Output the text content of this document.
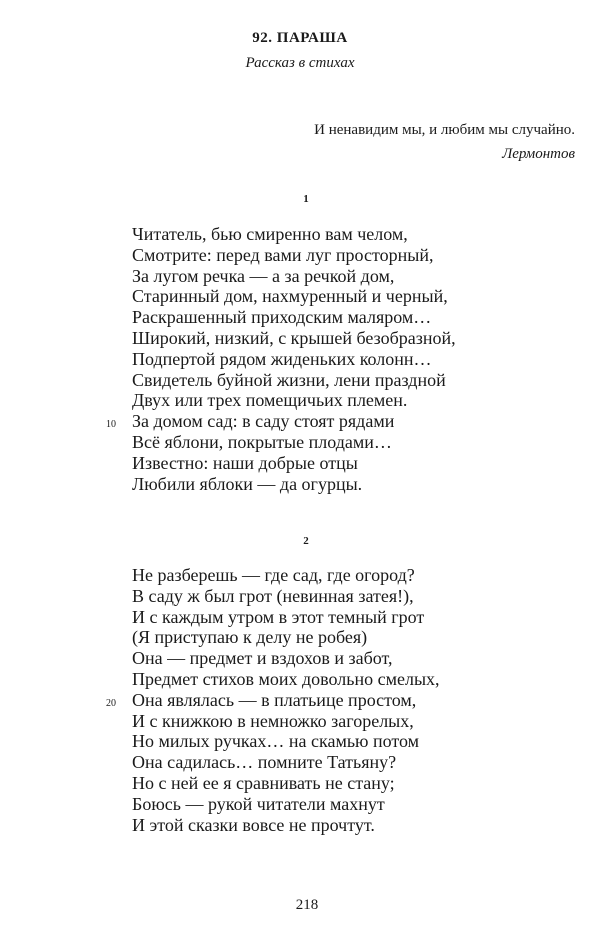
92. ПАРАША
Рассказ в стихах
И ненавидим мы, и любим мы случайно.
Лермонтов
1
Читатель, бью смиренно вам челом,
Смотрите: перед вами луг просторный,
За лугом речка — а за речкой дом,
Старинный дом, нахмуренный и черный,
Раскрашенный приходским маляром…
Широкий, низкий, с крышей безобразной,
Подпертой рядом жиденьких колонн…
Свидетель буйной жизни, лени праздной
Двух или трех помещичьих племен.
10 За домом сад: в саду стоят рядами
Всё яблони, покрытые плодами…
Известно: наши добрые отцы
Любили яблоки — да огурцы.
2
Не разберешь — где сад, где огород?
В саду ж был грот (невинная затея!),
И с каждым утром в этот темный грот
(Я приступаю к делу не робея)
Она — предмет и вздохов и забот,
Предмет стихов моих довольно смелых,
20 Она являлась — в платьице простом,
И с книжкою в немножко загорелых,
Но милых ручках… на скамью потом
Она садилась… помните Татьяну?
Но с ней ее я сравнивать не стану;
Боюсь — рукой читатели махнут
И этой сказки вовсе не прочтут.
218
